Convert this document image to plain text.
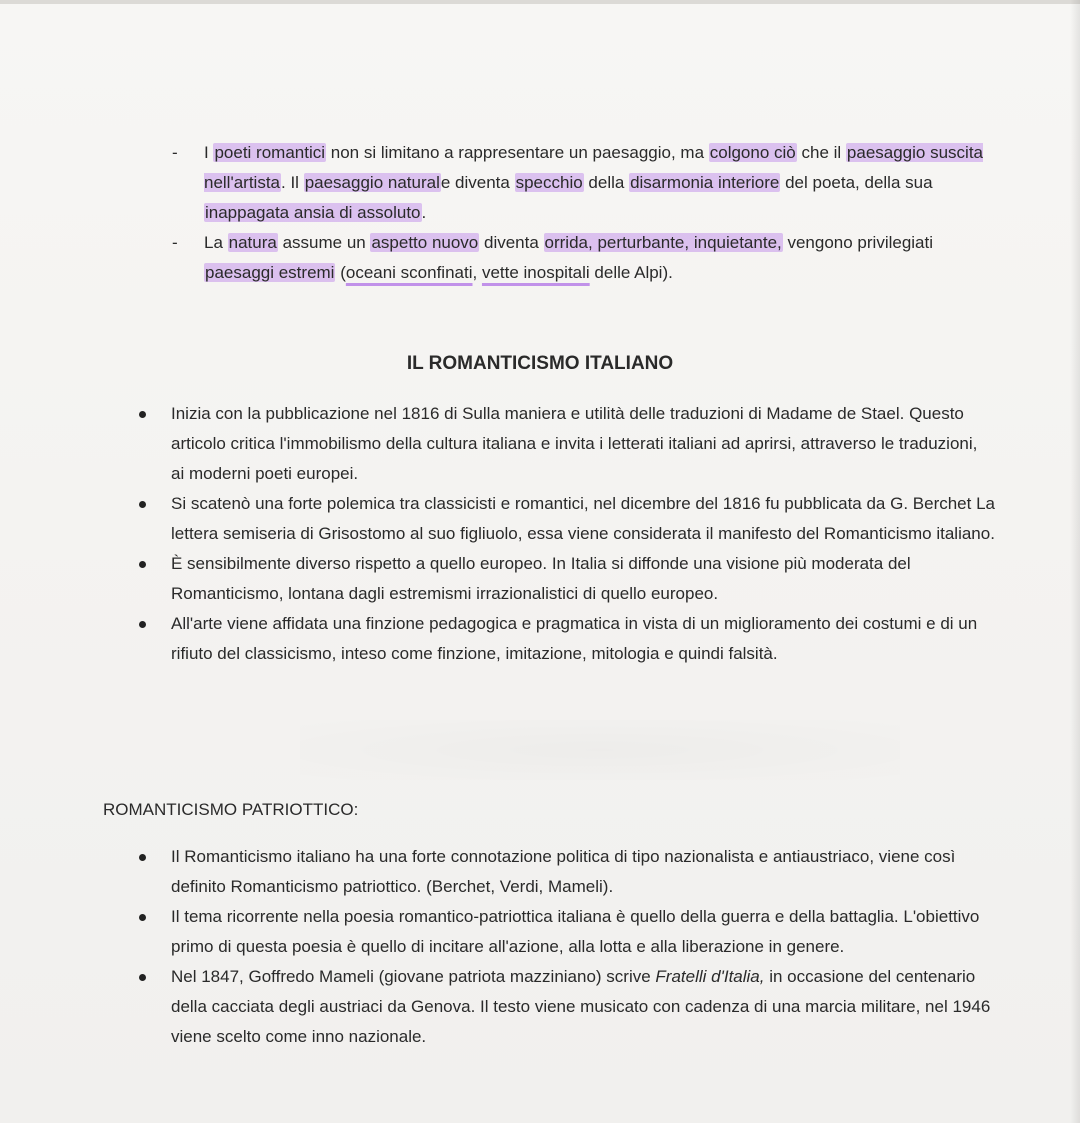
- I poeti romantici non si limitano a rappresentare un paesaggio, ma colgono ciò che il paesaggio suscita nell'artista. Il paesaggio naturale diventa specchio della disarmonia interiore del poeta, della sua inappagata ansia di assoluto.
- La natura assume un aspetto nuovo diventa orrida, perturbante, inquietante, vengono privilegiati paesaggi estremi (oceani sconfinati, vette inospitali delle Alpi).
IL ROMANTICISMO ITALIANO
Inizia con la pubblicazione nel 1816 di Sulla maniera e utilità delle traduzioni di Madame de Stael. Questo articolo critica l'immobilismo della cultura italiana e invita i letterati italiani ad aprirsi, attraverso le traduzioni, ai moderni poeti europei.
Si scatenò una forte polemica tra classicisti e romantici, nel dicembre del 1816 fu pubblicata da G. Berchet La lettera semiseria di Grisostomo al suo figliuolo, essa viene considerata il manifesto del Romanticismo italiano.
È sensibilmente diverso rispetto a quello europeo. In Italia si diffonde una visione più moderata del Romanticismo, lontana dagli estremismi irrazionalistici di quello europeo.
All'arte viene affidata una finzione pedagogica e pragmatica in vista di un miglioramento dei costumi e di un rifiuto del classicismo, inteso come finzione, imitazione, mitologia e quindi falsità.
ROMANTICISMO PATRIOTTICO:
Il Romanticismo italiano ha una forte connotazione politica di tipo nazionalista e antiaustriaco, viene così definito Romanticismo patriottico. (Berchet, Verdi, Mameli).
Il tema ricorrente nella poesia romantico-patriottica italiana è quello della guerra e della battaglia. L'obiettivo primo di questa poesia è quello di incitare all'azione, alla lotta e alla liberazione in genere.
Nel 1847, Goffredo Mameli (giovane patriota mazziniano) scrive Fratelli d'Italia, in occasione del centenario della cacciata degli austriaci da Genova. Il testo viene musicato con cadenza di una marcia militare, nel 1946 viene scelto come inno nazionale.
